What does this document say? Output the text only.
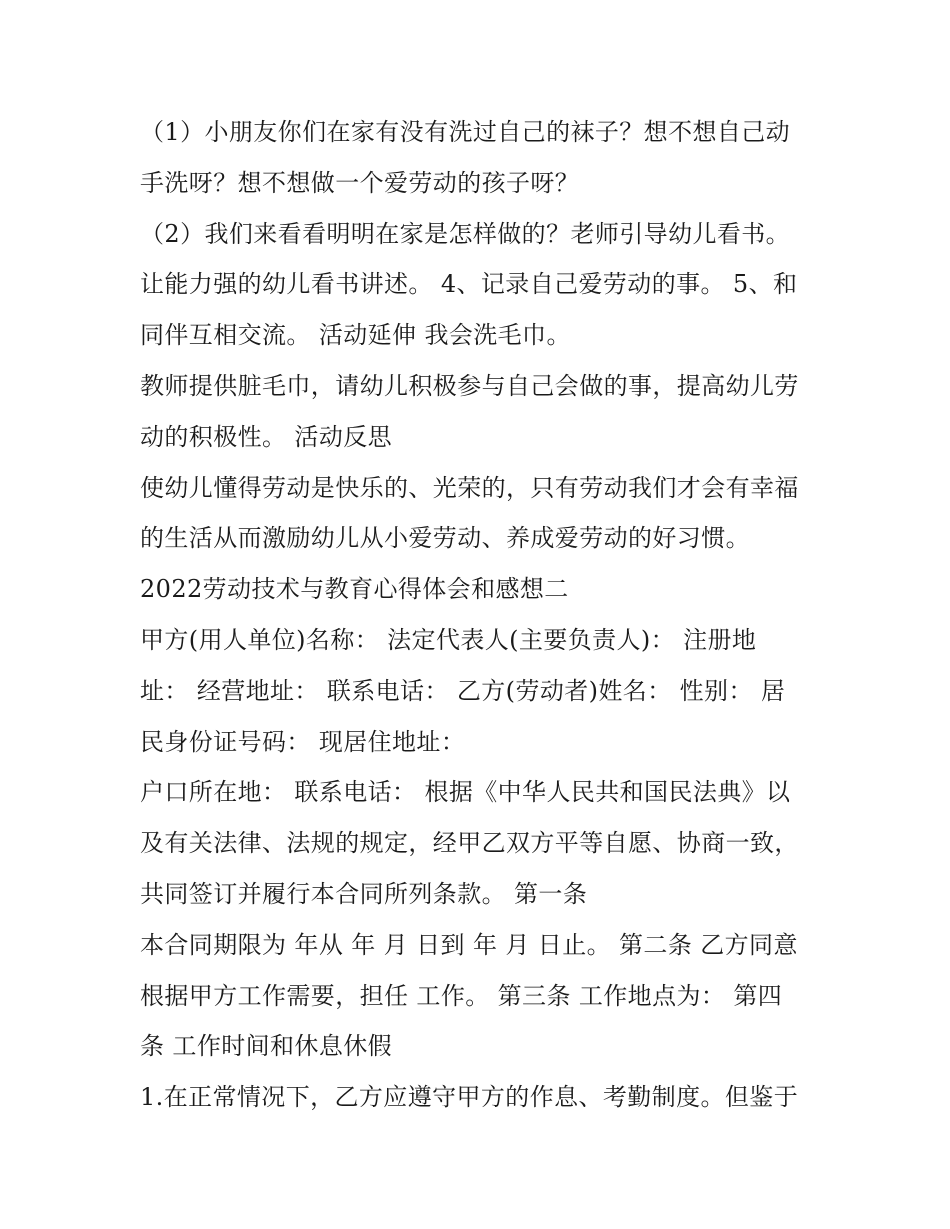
（1）小朋友你们在家有没有洗过自己的袜子？想不想自己动
手洗呀？想不想做一个爱劳动的孩子呀？
（2）我们来看看明明在家是怎样做的？老师引导幼儿看书。
让能力强的幼儿看书讲述。 4、记录自己爱劳动的事。 5、和
同伴互相交流。 活动延伸 我会洗毛巾。
教师提供脏毛巾，请幼儿积极参与自己会做的事，提高幼儿劳
动的积极性。 活动反思
使幼儿懂得劳动是快乐的、光荣的，只有劳动我们才会有幸福
的生活从而激励幼儿从小爱劳动、养成爱劳动的好习惯。
2022劳动技术与教育心得体会和感想二
甲方(用人单位)名称： 法定代表人(主要负责人)： 注册地
址： 经营地址： 联系电话： 乙方(劳动者)姓名： 性别： 居
民身份证号码： 现居住地址：
户口所在地： 联系电话： 根据《中华人民共和国民法典》以
及有关法律、法规的规定，经甲乙双方平等自愿、协商一致，
共同签订并履行本合同所列条款。 第一条
本合同期限为 年从 年 月 日到 年 月 日止。 第二条 乙方同意
根据甲方工作需要，担任 工作。 第三条 工作地点为： 第四
条 工作时间和休息休假
1.在正常情况下，乙方应遵守甲方的作息、考勤制度。但鉴于
